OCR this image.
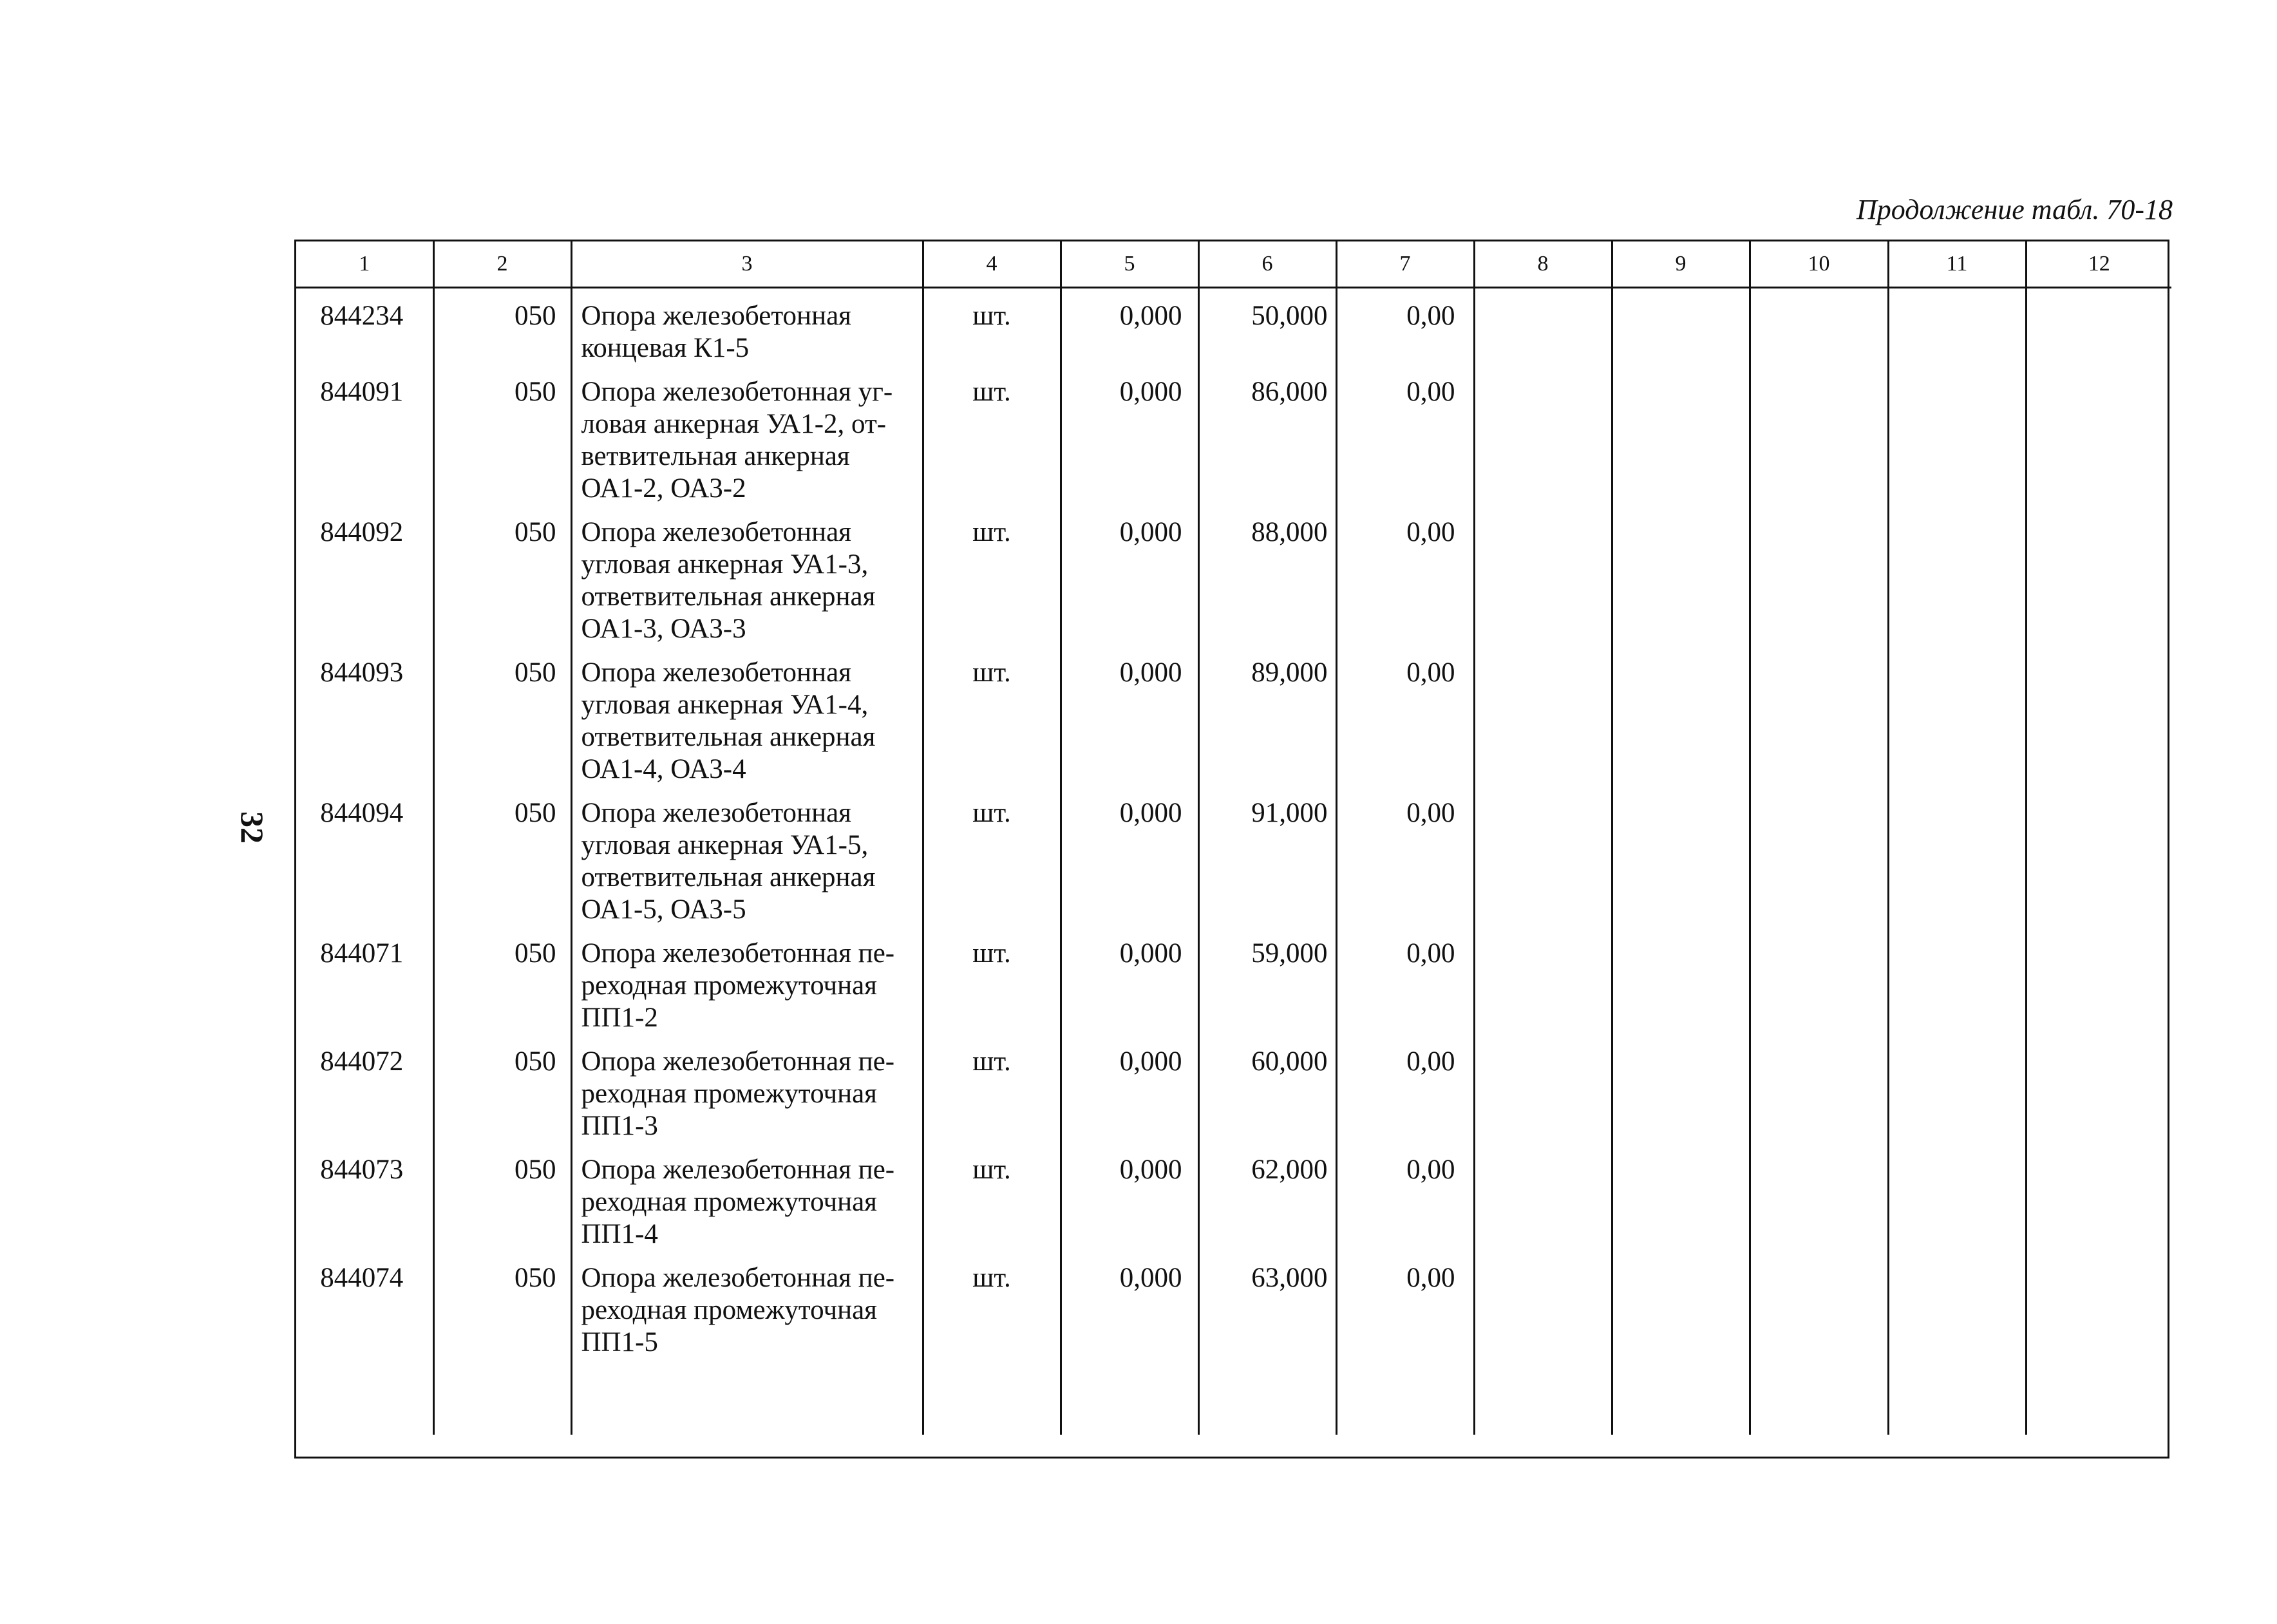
Продолжение табл. 70-18
32
1	2	3	4	5	6	7	8	9	10	11	12
844234	050	Опора железобетонная
концевая К1-5	шт.	0,000	50,000	0,00					
844091	050	Опора железобетонная уг-
ловая анкерная УА1-2, от-
ветвительная анкерная
ОА1-2, ОА3-2	шт.	0,000	86,000	0,00					
844092	050	Опора железобетонная
угловая анкерная УА1-3,
ответвительная анкерная
ОА1-3, ОА3-3	шт.	0,000	88,000	0,00					
844093	050	Опора железобетонная
угловая анкерная УА1-4,
ответвительная анкерная
ОА1-4, ОА3-4	шт.	0,000	89,000	0,00					
844094	050	Опора железобетонная
угловая анкерная УА1-5,
ответвительная анкерная
ОА1-5, ОА3-5	шт.	0,000	91,000	0,00					
844071	050	Опора железобетонная пе-
реходная промежуточная
ПП1-2	шт.	0,000	59,000	0,00					
844072	050	Опора железобетонная пе-
реходная промежуточная
ПП1-3	шт.	0,000	60,000	0,00					
844073	050	Опора железобетонная пе-
реходная промежуточная
ПП1-4	шт.	0,000	62,000	0,00					
844074	050	Опора железобетонная пе-
реходная промежуточная
ПП1-5	шт.	0,000	63,000	0,00					
